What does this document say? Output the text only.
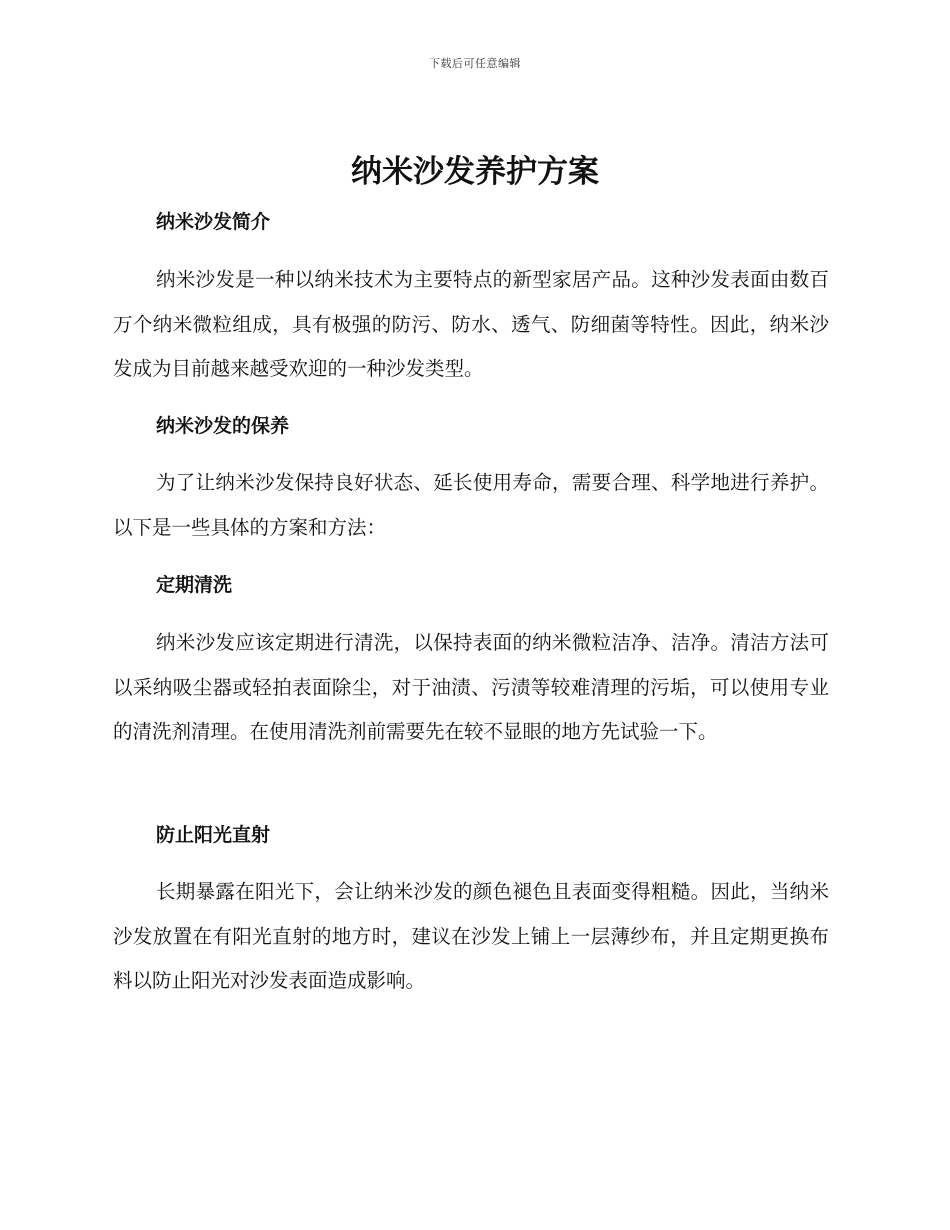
下载后可任意编辑
纳米沙发养护方案
纳米沙发简介

纳米沙发是一种以纳米技术为主要特点的新型家居产品。这种沙发表面由数百万个纳米微粒组成，具有极强的防污、防水、透气、防细菌等特性。因此，纳米沙发成为目前越来越受欢迎的一种沙发类型。

纳米沙发的保养

为了让纳米沙发保持良好状态、延长使用寿命，需要合理、科学地进行养护。以下是一些具体的方案和方法：

定期清洗

纳米沙发应该定期进行清洗，以保持表面的纳米微粒洁净、洁净。清洁方法可以采纳吸尘器或轻拍表面除尘，对于油渍、污渍等较难清理的污垢，可以使用专业的清洗剂清理。在使用清洗剂前需要先在较不显眼的地方先试验一下。

防止阳光直射

长期暴露在阳光下，会让纳米沙发的颜色褪色且表面变得粗糙。因此，当纳米沙发放置在有阳光直射的地方时，建议在沙发上铺上一层薄纱布，并且定期更换布料以防止阳光对沙发表面造成影响。
